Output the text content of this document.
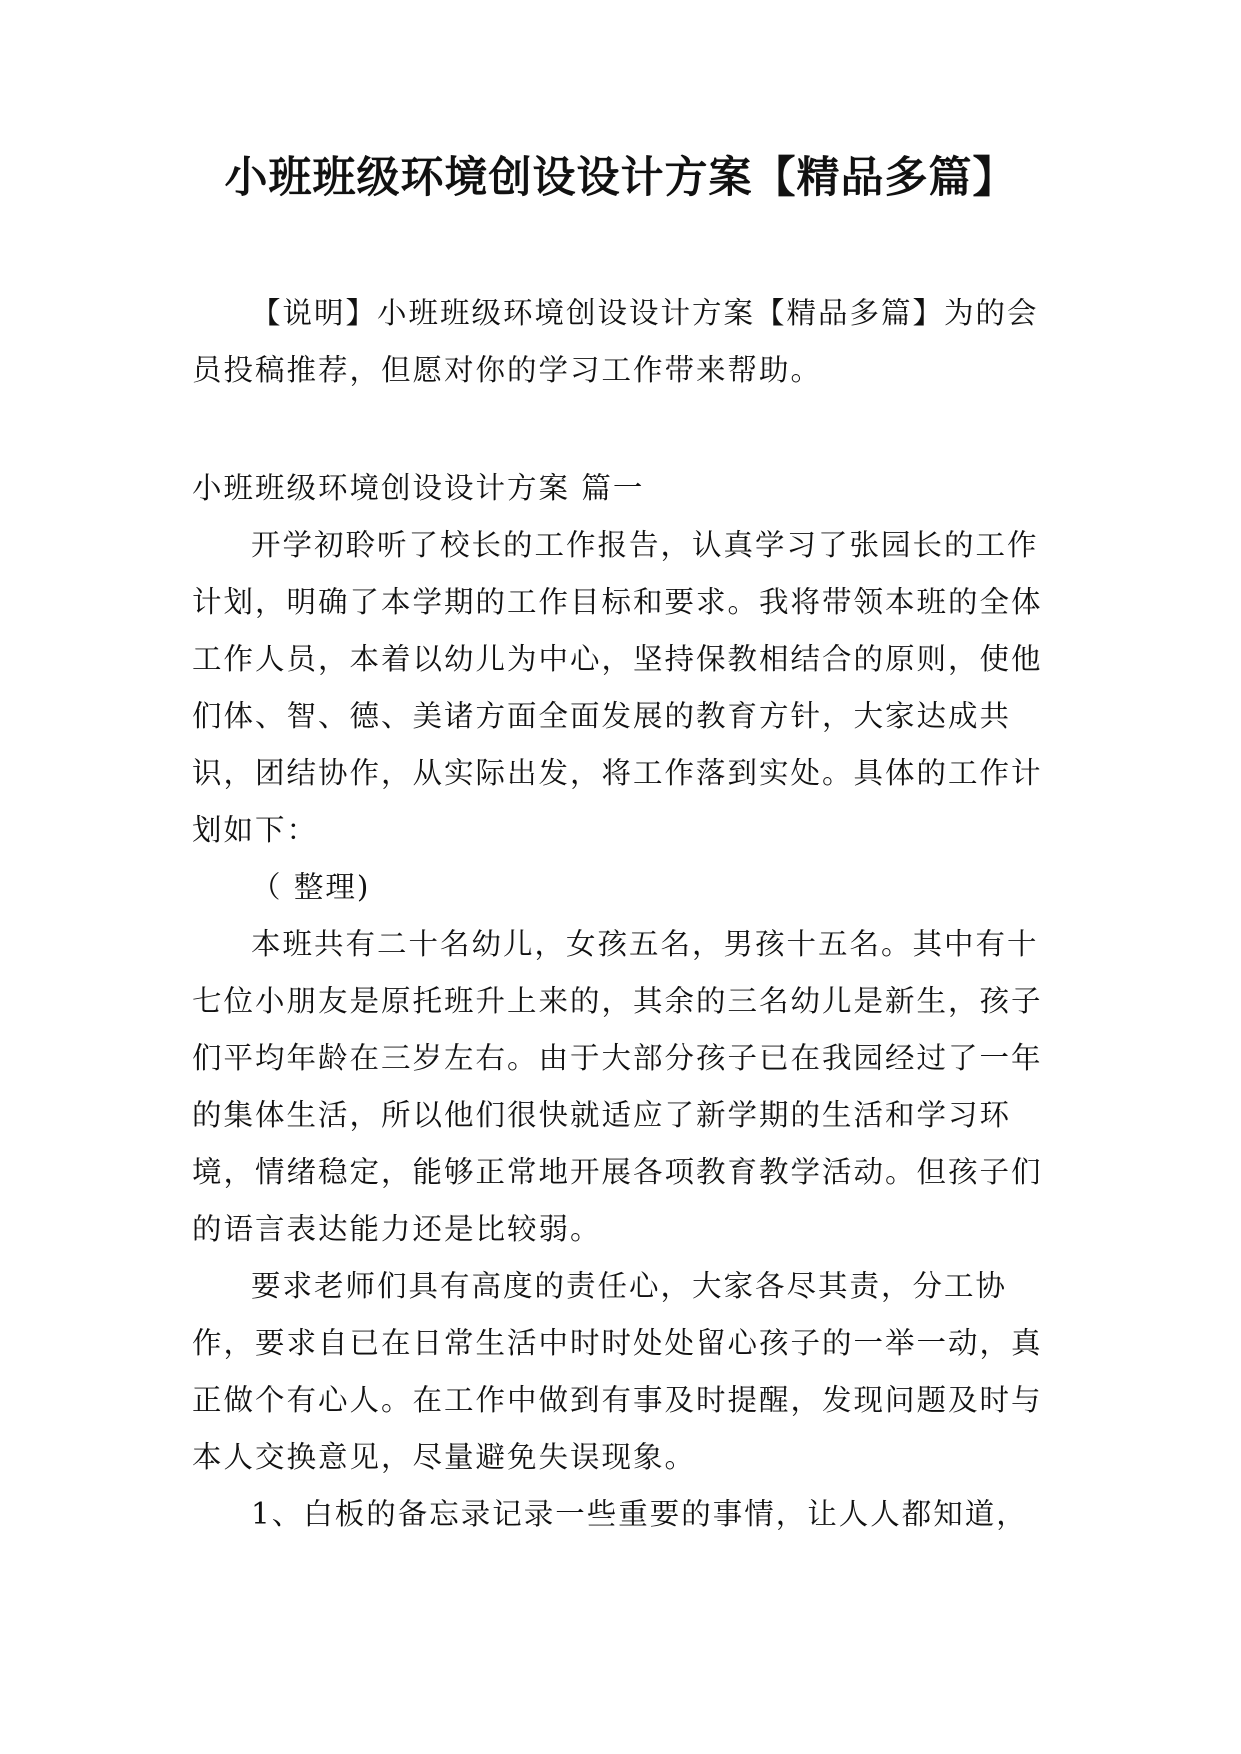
小班班级环境创设设计方案【精品多篇】

【说明】小班班级环境创设设计方案【精品多篇】为的会员投稿推荐，但愿对你的学习工作带来帮助。

小班班级环境创设设计方案 篇一

开学初聆听了校长的工作报告，认真学习了张园长的工作计划，明确了本学期的工作目标和要求。我将带领本班的全体工作人员，本着以幼儿为中心，坚持保教相结合的原则，使他们体、智、德、美诸方面全面发展的教育方针，大家达成共识，团结协作，从实际出发，将工作落到实处。具体的工作计划如下：

（ 整理)

本班共有二十名幼儿，女孩五名，男孩十五名。其中有十七位小朋友是原托班升上来的，其余的三名幼儿是新生，孩子们平均年龄在三岁左右。由于大部分孩子已在我园经过了一年的集体生活，所以他们很快就适应了新学期的生活和学习环境，情绪稳定，能够正常地开展各项教育教学活动。但孩子们的语言表达能力还是比较弱。

要求老师们具有高度的责任心，大家各尽其责，分工协作，要求自已在日常生活中时时处处留心孩子的一举一动，真正做个有心人。在工作中做到有事及时提醒，发现问题及时与本人交换意见，尽量避免失误现象。

1、白板的备忘录记录一些重要的事情，让人人都知道，
